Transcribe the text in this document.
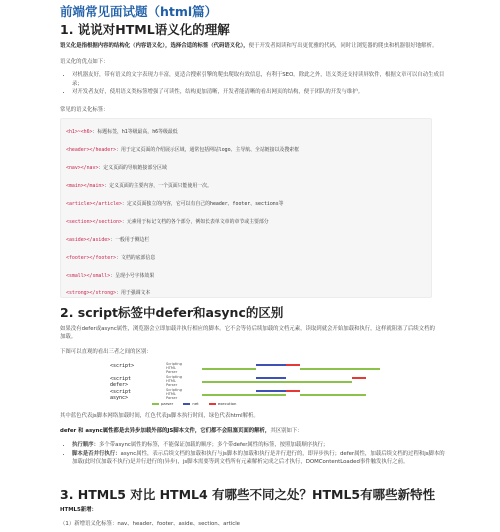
前端常见面试题（html篇）
1. 说说对HTML语义化的理解
语义化是指根据内容的结构化（内容语义化），选择合适的标签（代码语义化），便于开发者阅读和写出更优雅的代码，同时让浏览器的爬虫和机器很好地解析。
语义化的优点如下：
• 对机器友好，带有语义的文字表现力丰富，更适合搜索引擎的爬虫爬取有效信息，有利于SEO。除此之外，语义类还支持读屏软件，根据文章可以自动生成目录；
• 对开发者友好，使用语义类标签增强了可读性，结构更加清晰，开发者能清晰的看出网页的结构，便于团队的开发与维护。
常见的语义化标签：
<h1>~<h6>：标题标签，h1等级最高，h6等级最低
<header></header>：用于定义页面的介绍展示区域，通常包括网站logo、主导航、全站链接以及搜索框
<nav></nav>：定义页面的导航链接部分区域
<main></main>：定义页面的主要内容，一个页面只能使用一次。
<article></article>：定义页面独立的内容，它可以有自己的header、footer、sections等
<section></section>：元素用于标记文档的各个部分，例如长表单文章的章节或主要部分
<aside></aside>：一般用于侧边栏
<footer></footer>：文档的底部信息
<small></small>：呈现小号字体效果
<strong></strong>：用于强调文本
2. script标签中defer和async的区别
如果没有defer或async属性，浏览器会立即加载并执行相应的脚本。它不会等待后续加载的文档元素，读取到就会开始加载和执行，这样就阻塞了后续文档的加载。
下图可以直观的看出三者之间的区别：
<script>	Scripting
HTML Parser
<script defer>
Scripting
HTML Parser
<script async>
Scripting
HTML Parser
parser	net	execution
其中蓝色代表js脚本网络加载时间，红色代表js脚本执行时间，绿色代表html解析。
defer 和 async属性都是去异步加载外部的JS脚本文件，它们都不会阻塞页面的解析，其区别如下：
• 执行顺序：多个带async属性的标签，不能保证加载的顺序；多个带defer属性的标签，按照加载顺序执行；
• 脚本是否并行执行：async属性，表示后续文档的加载和执行与js脚本的加载和执行是并行进行的，即异步执行；defer属性，加载后续文档的过程和js脚本的加载(此时仅加载不执行)是并行进行的(异步)，js脚本需要等到文档所有元素解析完成之后才执行，DOMContentLoaded事件触发执行之前。
3. HTML5 对比 HTML4 有哪些不同之处？HTML5有哪些新特性
HTML5新增：
（1）新增语义化标签：nav、header、footer、aside、section、article
